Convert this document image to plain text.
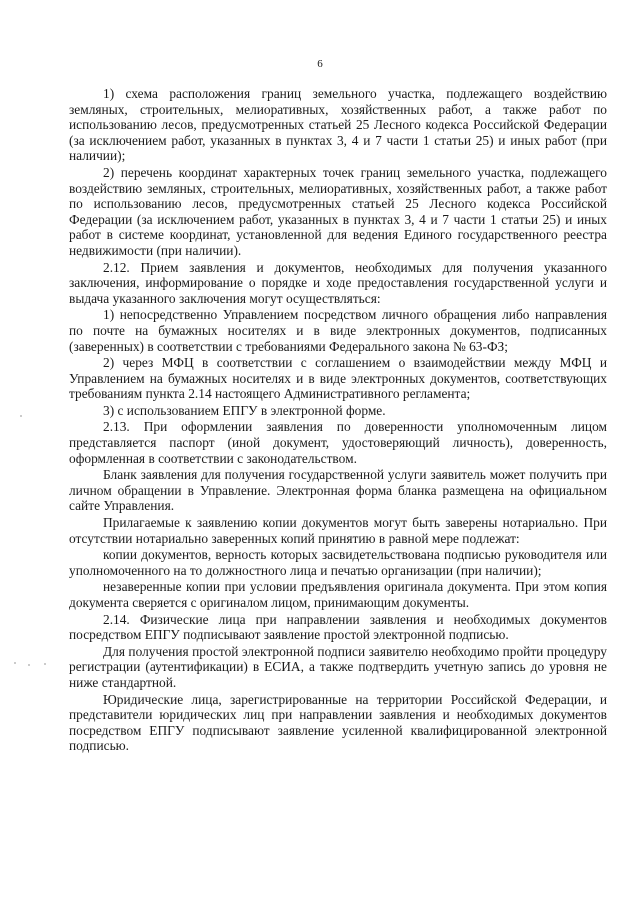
6

1) схема расположения границ земельного участка, подлежащего воздействию земляных, строительных, мелиоративных, хозяйственных работ, а также работ по использованию лесов, предусмотренных статьей 25 Лесного кодекса Российской Федерации (за исключением работ, указанных в пунктах 3, 4 и 7 части 1 статьи 25) и иных работ (при наличии);

2) перечень координат характерных точек границ земельного участка, подлежащего воздействию земляных, строительных, мелиоративных, хозяйственных работ, а также работ по использованию лесов, предусмотренных статьей 25 Лесного кодекса Российской Федерации (за исключением работ, указанных в пунктах 3, 4 и 7 части 1 статьи 25) и иных работ в системе координат, установленной для ведения Единого государственного реестра недвижимости (при наличии).

2.12. Прием заявления и документов, необходимых для получения указанного заключения, информирование о порядке и ходе предоставления государственной услуги и выдача указанного заключения могут осуществляться:

1) непосредственно Управлением посредством личного обращения либо направления по почте на бумажных носителях и в виде электронных документов, подписанных (заверенных) в соответствии с требованиями Федерального закона № 63-ФЗ;

2) через МФЦ в соответствии с соглашением о взаимодействии между МФЦ и Управлением на бумажных носителях и в виде электронных документов, соответствующих требованиям пункта 2.14 настоящего Административного регламента;

3) с использованием ЕПГУ в электронной форме.

2.13. При оформлении заявления по доверенности уполномоченным лицом представляется паспорт (иной документ, удостоверяющий личность), доверенность, оформленная в соответствии с законодательством.

Бланк заявления для получения государственной услуги заявитель может получить при личном обращении в Управление. Электронная форма бланка размещена на официальном сайте Управления.

Прилагаемые к заявлению копии документов могут быть заверены нотариально. При отсутствии нотариально заверенных копий принятию в равной мере подлежат:

копии документов, верность которых засвидетельствована подписью руководителя или уполномоченного на то должностного лица и печатью организации (при наличии);

незаверенные копии при условии предъявления оригинала документа. При этом копия документа сверяется с оригиналом лицом, принимающим документы.

2.14. Физические лица при направлении заявления и необходимых документов посредством ЕПГУ подписывают заявление простой электронной подписью.

Для получения простой электронной подписи заявителю необходимо пройти процедуру регистрации (аутентификации) в ЕСИА, а также подтвердить учетную запись до уровня не ниже стандартной.

Юридические лица, зарегистрированные на территории Российской Федерации, и представители юридических лиц при направлении заявления и необходимых документов посредством ЕПГУ подписывают заявление усиленной квалифицированной электронной подписью.
